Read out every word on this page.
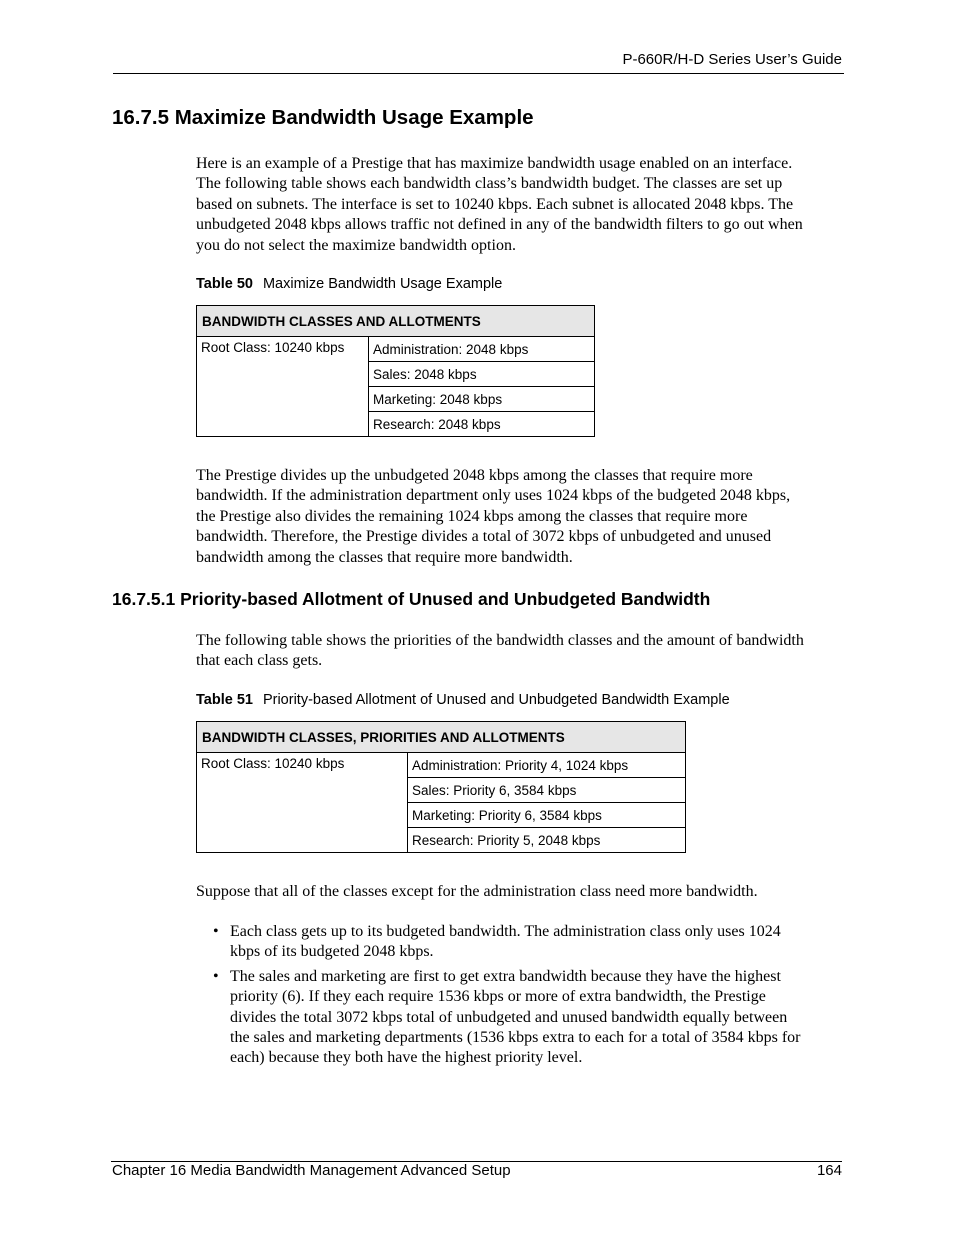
P-660R/H-D Series User’s Guide
16.7.5 Maximize Bandwidth Usage Example
Here is an example of a Prestige that has maximize bandwidth usage enabled on an interface.
The following table shows each bandwidth class’s bandwidth budget. The classes are set up
based on subnets. The interface is set to 10240 kbps. Each subnet is allocated 2048 kbps. The
unbudgeted 2048 kbps allows traffic not defined in any of the bandwidth filters to go out when
you do not select the maximize bandwidth option.
Table 50 Maximize Bandwidth Usage Example
BANDWIDTH CLASSES AND ALLOTMENTS
Root Class: 10240 kbps	Administration: 2048 kbps
Sales: 2048 kbps
Marketing: 2048 kbps
Research: 2048 kbps
The Prestige divides up the unbudgeted 2048 kbps among the classes that require more
bandwidth. If the administration department only uses 1024 kbps of the budgeted 2048 kbps,
the Prestige also divides the remaining 1024 kbps among the classes that require more
bandwidth. Therefore, the Prestige divides a total of 3072 kbps of unbudgeted and unused
bandwidth among the classes that require more bandwidth.
16.7.5.1 Priority-based Allotment of Unused and Unbudgeted Bandwidth
The following table shows the priorities of the bandwidth classes and the amount of bandwidth
that each class gets.
Table 51 Priority-based Allotment of Unused and Unbudgeted Bandwidth Example
BANDWIDTH CLASSES, PRIORITIES AND ALLOTMENTS
Root Class: 10240 kbps	Administration: Priority 4, 1024 kbps
Sales: Priority 6, 3584 kbps
Marketing: Priority 6, 3584 kbps
Research: Priority 5, 2048 kbps
Suppose that all of the classes except for the administration class need more bandwidth.
• Each class gets up to its budgeted bandwidth. The administration class only uses 1024
kbps of its budgeted 2048 kbps.
• The sales and marketing are first to get extra bandwidth because they have the highest
priority (6). If they each require 1536 kbps or more of extra bandwidth, the Prestige
divides the total 3072 kbps total of unbudgeted and unused bandwidth equally between
the sales and marketing departments (1536 kbps extra to each for a total of 3584 kbps for
each) because they both have the highest priority level.
Chapter 16 Media Bandwidth Management Advanced Setup	164
